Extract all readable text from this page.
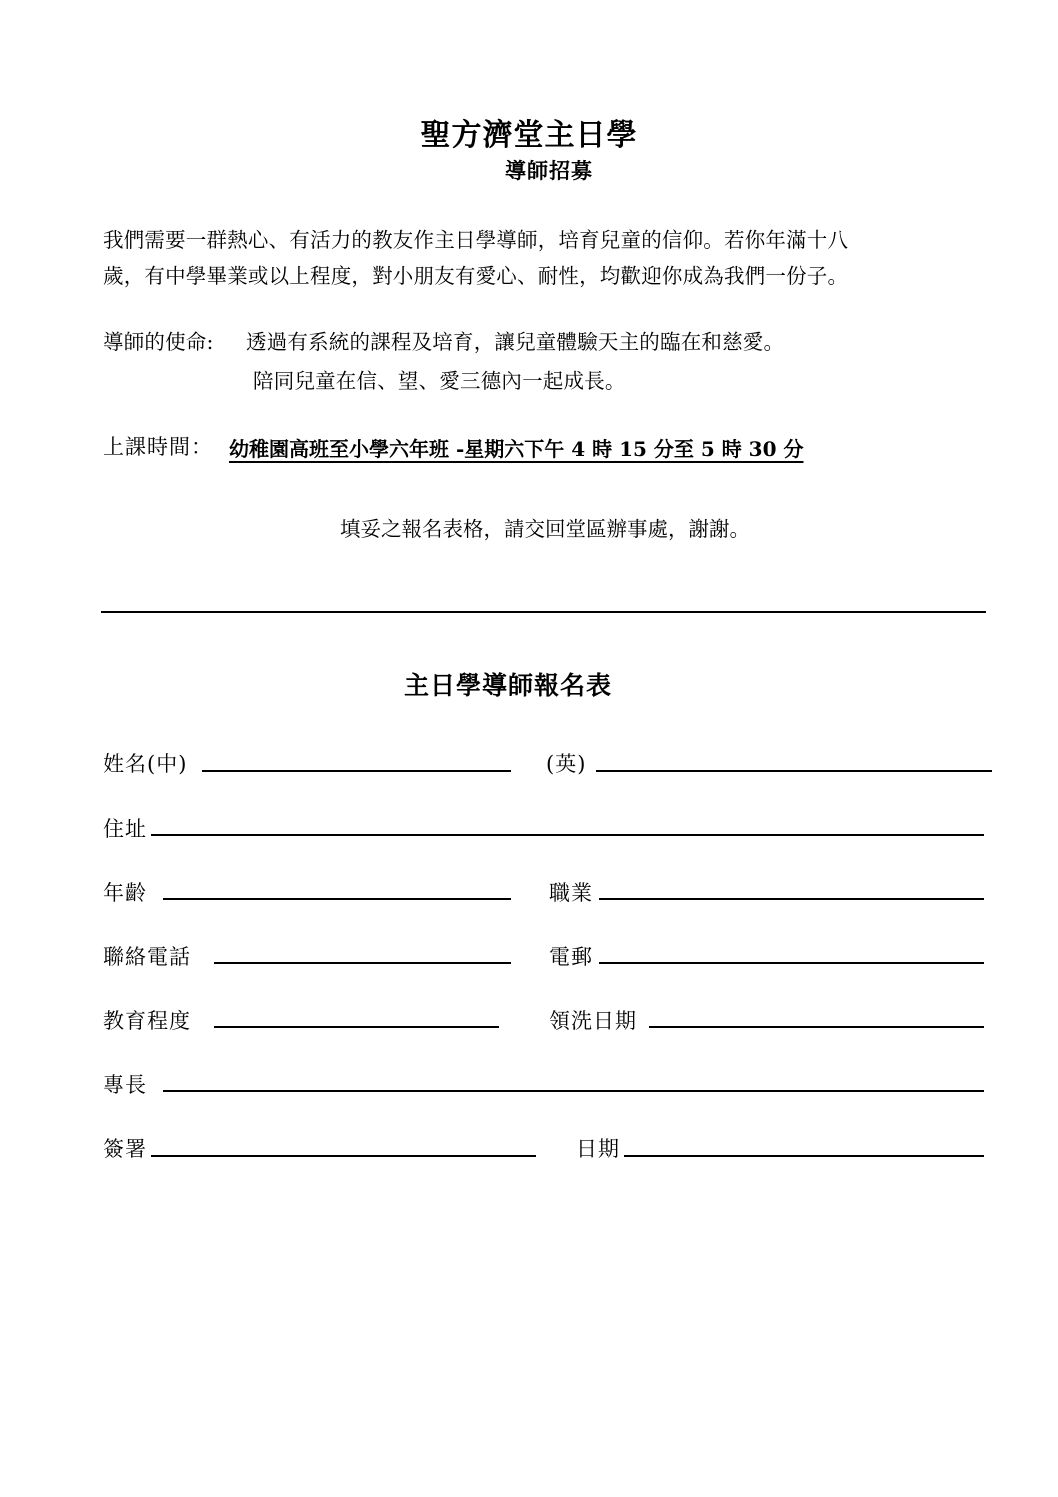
聖方濟堂主日學
導師招募
我們需要一群熱心、有活力的教友作主日學導師，培育兒童的信仰。若你年滿十八
歲，有中學畢業或以上程度，對小朋友有愛心、耐性，均歡迎你成為我們一份子。
導師的使命: 透過有系統的課程及培育，讓兒童體驗天主的臨在和慈愛。
陪同兒童在信、望、愛三德內一起成長。
上課時間： 幼稚園高班至小學六年班 -星期六下午 4 時 15 分至 5 時 30 分
填妥之報名表格，請交回堂區辦事處，謝謝。
主日學導師報名表
姓名(中)	(英)
住址
年齡	職業
聯絡電話	電郵
教育程度	領洗日期
專長
簽署	日期
